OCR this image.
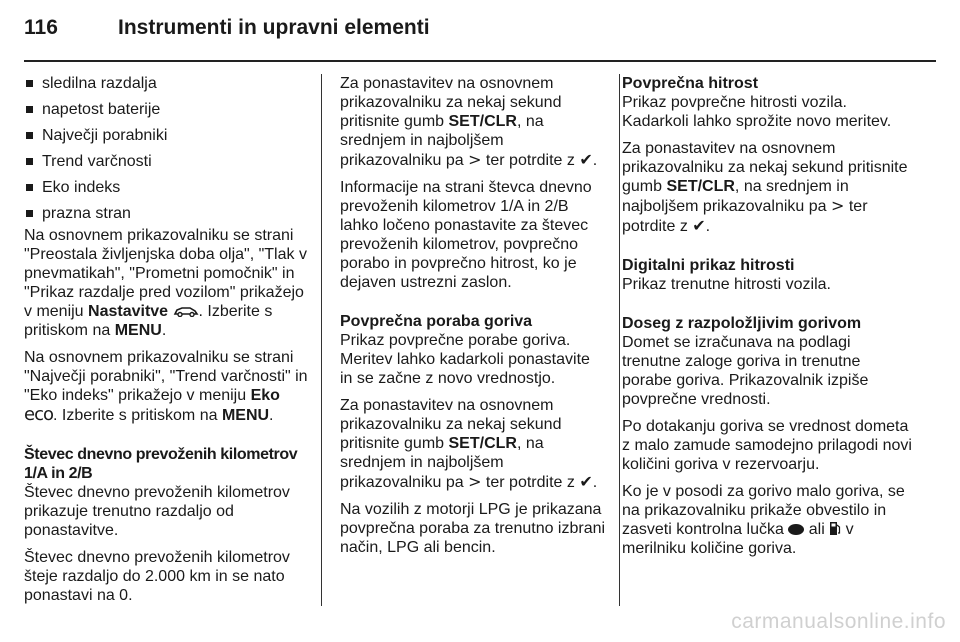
116	Instrumenti in upravni elementi
sledilna razdalja
napetost baterije
Največji porabniki
Trend varčnosti
Eko indeks
prazna stran

Na osnovnem prikazovalniku se strani "Preostala življenjska doba olja", "Tlak v pnevmatikah", "Prometni pomočnik" in "Prikaz razdalje pred vozilom" prikažejo v meniju Nastavitve . Izberite s pritiskom na MENU.

Na osnovnem prikazovalniku se strani "Največji porabniki", "Trend varčnosti" in "Eko indeks" prikažejo v meniju Eko eco. Izberite s pritiskom na MENU.

Števec dnevno prevoženih kilometrov 1/A in 2/B

Števec dnevno prevoženih kilometrov prikazuje trenutno razdaljo od ponastavitve.

Števec dnevno prevoženih kilometrov šteje razdaljo do 2.000 km in se nato ponastavi na 0.

Za ponastavitev na osnovnem prikazovalniku za nekaj sekund pritisnite gumb SET/CLR, na srednjem in najboljšem prikazovalniku pa > ter potrdite z ✔.

Informacije na strani števca dnevno prevoženih kilometrov 1/A in 2/B lahko ločeno ponastavite za števec prevoženih kilometrov, povprečno porabo in povprečno hitrost, ko je dejaven ustrezni zaslon.

Povprečna poraba goriva

Prikaz povprečne porabe goriva. Meritev lahko kadarkoli ponastavite in se začne z novo vrednostjo.

Za ponastavitev na osnovnem prikazovalniku za nekaj sekund pritisnite gumb SET/CLR, na srednjem in najboljšem prikazovalniku pa > ter potrdite z ✔.

Na vozilih z motorji LPG je prikazana povprečna poraba za trenutno izbrani način, LPG ali bencin.

Povprečna hitrost

Prikaz povprečne hitrosti vozila. Kadarkoli lahko sprožite novo meritev.

Za ponastavitev na osnovnem prikazovalniku za nekaj sekund pritisnite gumb SET/CLR, na srednjem in najboljšem prikazovalniku pa > ter potrdite z ✔.

Digitalni prikaz hitrosti

Prikaz trenutne hitrosti vozila.

Doseg z razpoložljivim gorivom

Domet se izračunava na podlagi trenutne zaloge goriva in trenutne porabe goriva. Prikazovalnik izpiše povprečne vrednosti.

Po dotakanju goriva se vrednost dometa z malo zamude samodejno prilagodi novi količini goriva v rezervoarju.

Ko je v posodi za gorivo malo goriva, se na prikazovalniku prikaže obvestilo in zasveti kontrolna lučka  ali  v merilniku količine goriva.

carmanualsonline.info
